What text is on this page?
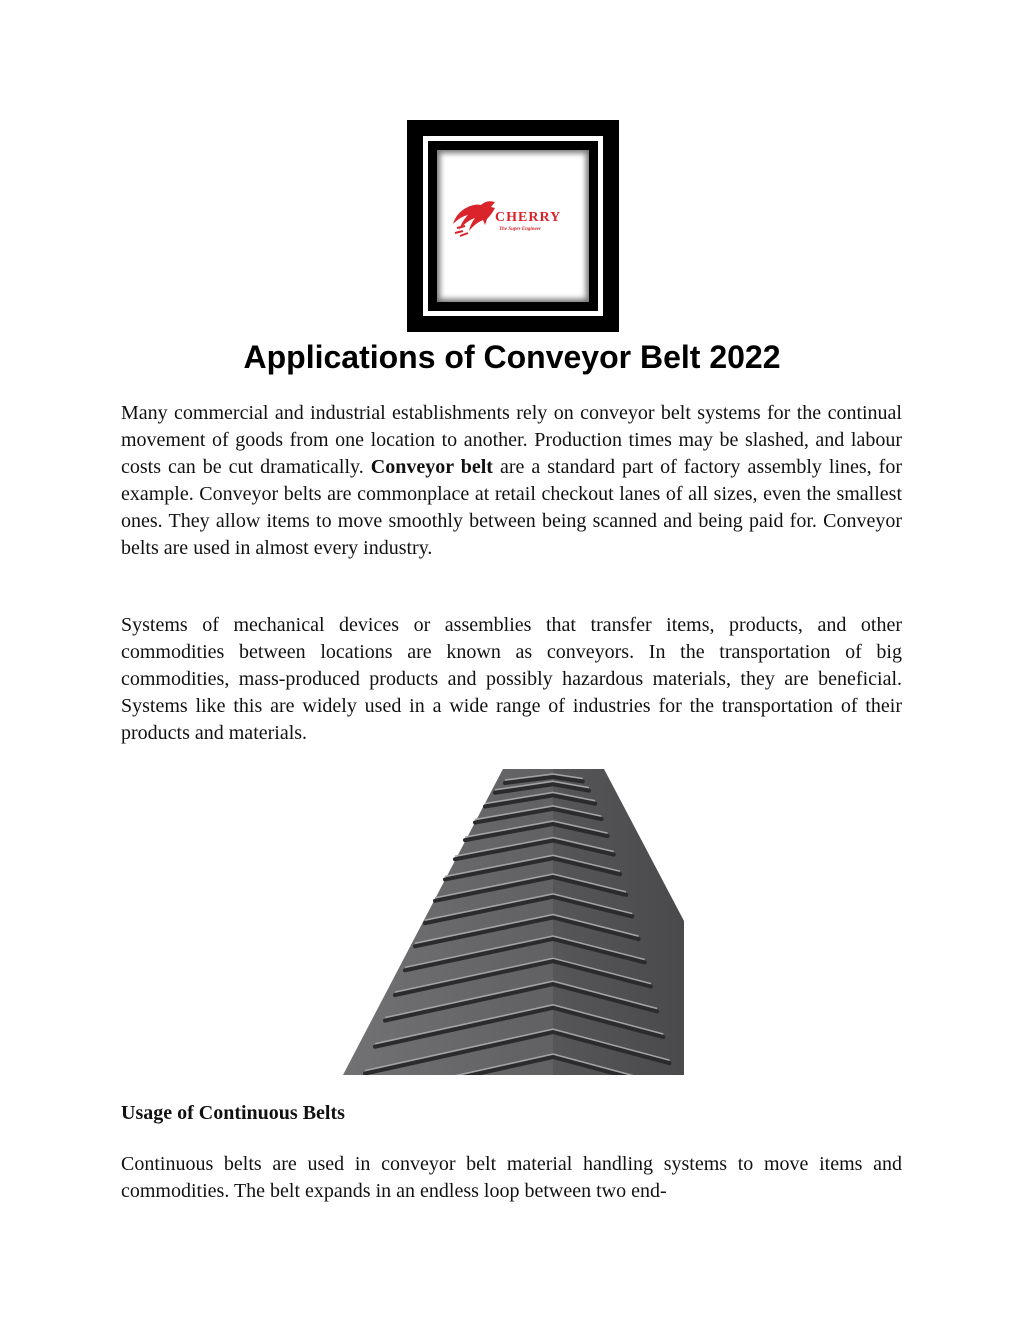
CHERRY
The Super Engineer
Applications of Conveyor Belt 2022

Many commercial and industrial establishments rely on conveyor belt systems for the continual movement of goods from one location to another. Production times may be slashed, and labour costs can be cut dramatically. Conveyor belt are a standard part of factory assembly lines, for example. Conveyor belts are commonplace at retail checkout lanes of all sizes, even the smallest ones. They allow items to move smoothly between being scanned and being paid for. Conveyor belts are used in almost every industry.

Systems of mechanical devices or assemblies that transfer items, products, and other commodities between locations are known as conveyors. In the transportation of big commodities, mass-produced products and possibly hazardous materials, they are beneficial. Systems like this are widely used in a wide range of industries for the transportation of their products and materials.

Usage of Continuous Belts

Continuous belts are used in conveyor belt material handling systems to move items and commodities. The belt expands in an endless loop between two end-
